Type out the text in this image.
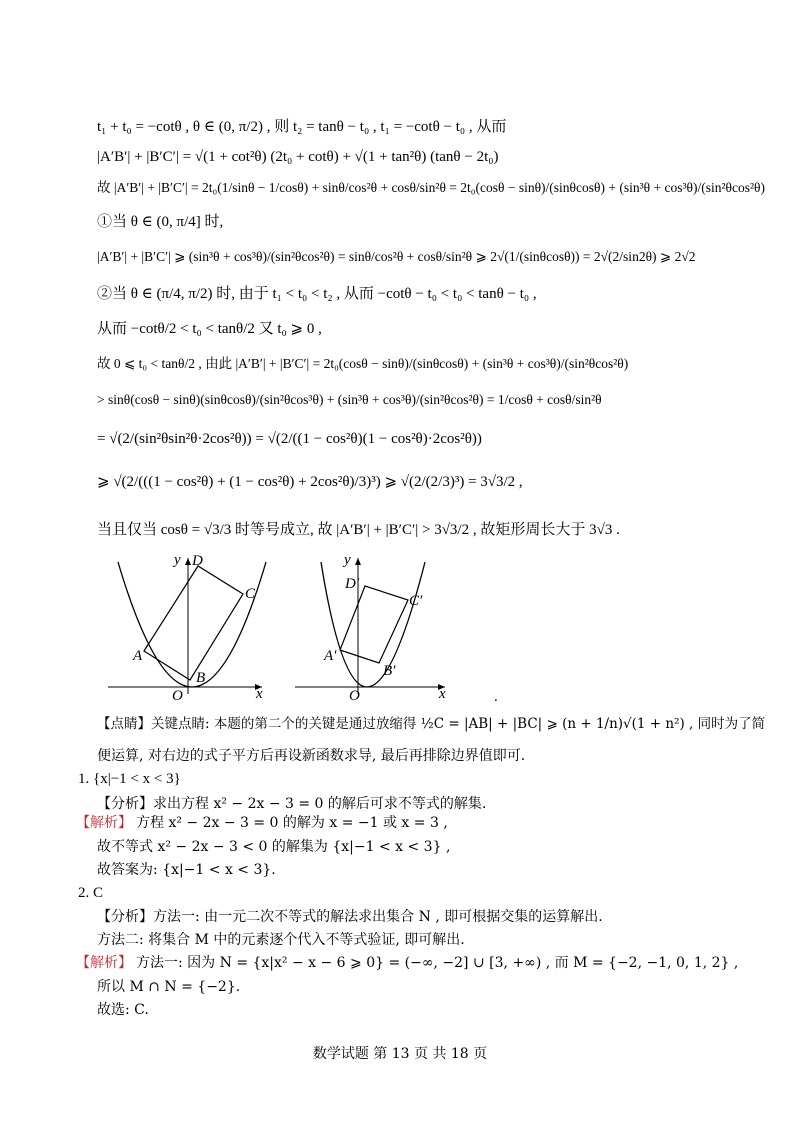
t₁ + t₀ = −cotθ , θ ∈ (0, π/2) , 则 t₂ = tanθ − t₀ , t₁ = −cotθ − t₀ , 从而
|A′B′| + |B′C′| = √(1 + cot²θ) (2t₀ + cotθ) + √(1 + tan²θ) (tanθ − 2t₀)
故 |A′B′| + |B′C′| = 2t₀(1/sinθ − 1/cosθ) + sinθ/cos²θ + cosθ/sin²θ = 2t₀(cosθ − sinθ)/(sinθcosθ) + (sin³θ + cos³θ)/(sin²θcos²θ)
①当 θ ∈ (0, π/4] 时,
|A′B′| + |B′C′| ⩾ (sin³θ + cos³θ)/(sin²θcos²θ) = sinθ/cos²θ + cosθ/sin²θ ⩾ 2√(1/(sinθcosθ)) = 2√(2/sin2θ) ⩾ 2√2
②当 θ ∈ (π/4, π/2) 时, 由于 t₁ < t₀ < t₂ , 从而 −cotθ − t₀ < t₀ < tanθ − t₀ ,
从而 −cotθ/2 < t₀ < tanθ/2 又 t₀ ⩾ 0 ,
故 0 ⩽ t₀ < tanθ/2 , 由此 |A′B′| + |B′C′| = 2t₀(cosθ − sinθ)/(sinθcosθ) + (sin³θ + cos³θ)/(sin²θcos²θ)
> sinθ(cosθ − sinθ)(sinθcosθ)/(sin²θcos³θ) + (sin³θ + cos³θ)/(sin²θcos²θ) = 1/cosθ + cosθ/sin²θ
= √(2/(sin²θsin²θ·2cos²θ)) = √(2/((1 − cos²θ)(1 − cos²θ)·2cos²θ))
⩾ √(2/(((1 − cos²θ) + (1 − cos²θ) + 2cos²θ)/3)³) ⩾ √(2/(2/3)³) = 3√3/2 ,
当且仅当 cosθ = √3/3 时等号成立, 故 |A′B′| + |B′C′| > 3√3/2 , 故矩形周长大于 3√3 .
y
x
O
A
B
C
D	y
x
O
A′
B′
C′
D′
.
【点睛】关键点睛: 本题的第二个的关键是通过放缩得 ½C = |AB| + |BC| ⩾ (n + 1/n)√(1 + n²) , 同时为了简
便运算, 对右边的式子平方后再设新函数求导, 最后再排除边界值即可.
1. {x|−1 < x < 3}
【分析】求出方程 x² − 2x − 3 = 0 的解后可求不等式的解集.
【解析】 方程 x² − 2x − 3 = 0 的解为 x = −1 或 x = 3 ,
故不等式 x² − 2x − 3 < 0 的解集为 {x|−1 < x < 3} ,
故答案为: {x|−1 < x < 3}.
2. C
【分析】方法一: 由一元二次不等式的解法求出集合 N , 即可根据交集的运算解出.
方法二: 将集合 M 中的元素逐个代入不等式验证, 即可解出.
【解析】 方法一: 因为 N = {x|x² − x − 6 ⩾ 0} = (−∞, −2] ∪ [3, +∞) , 而 M = {−2, −1, 0, 1, 2} ,
所以 M ∩ N = {−2}.
故选: C.
数学试题 第 13 页 共 18 页
